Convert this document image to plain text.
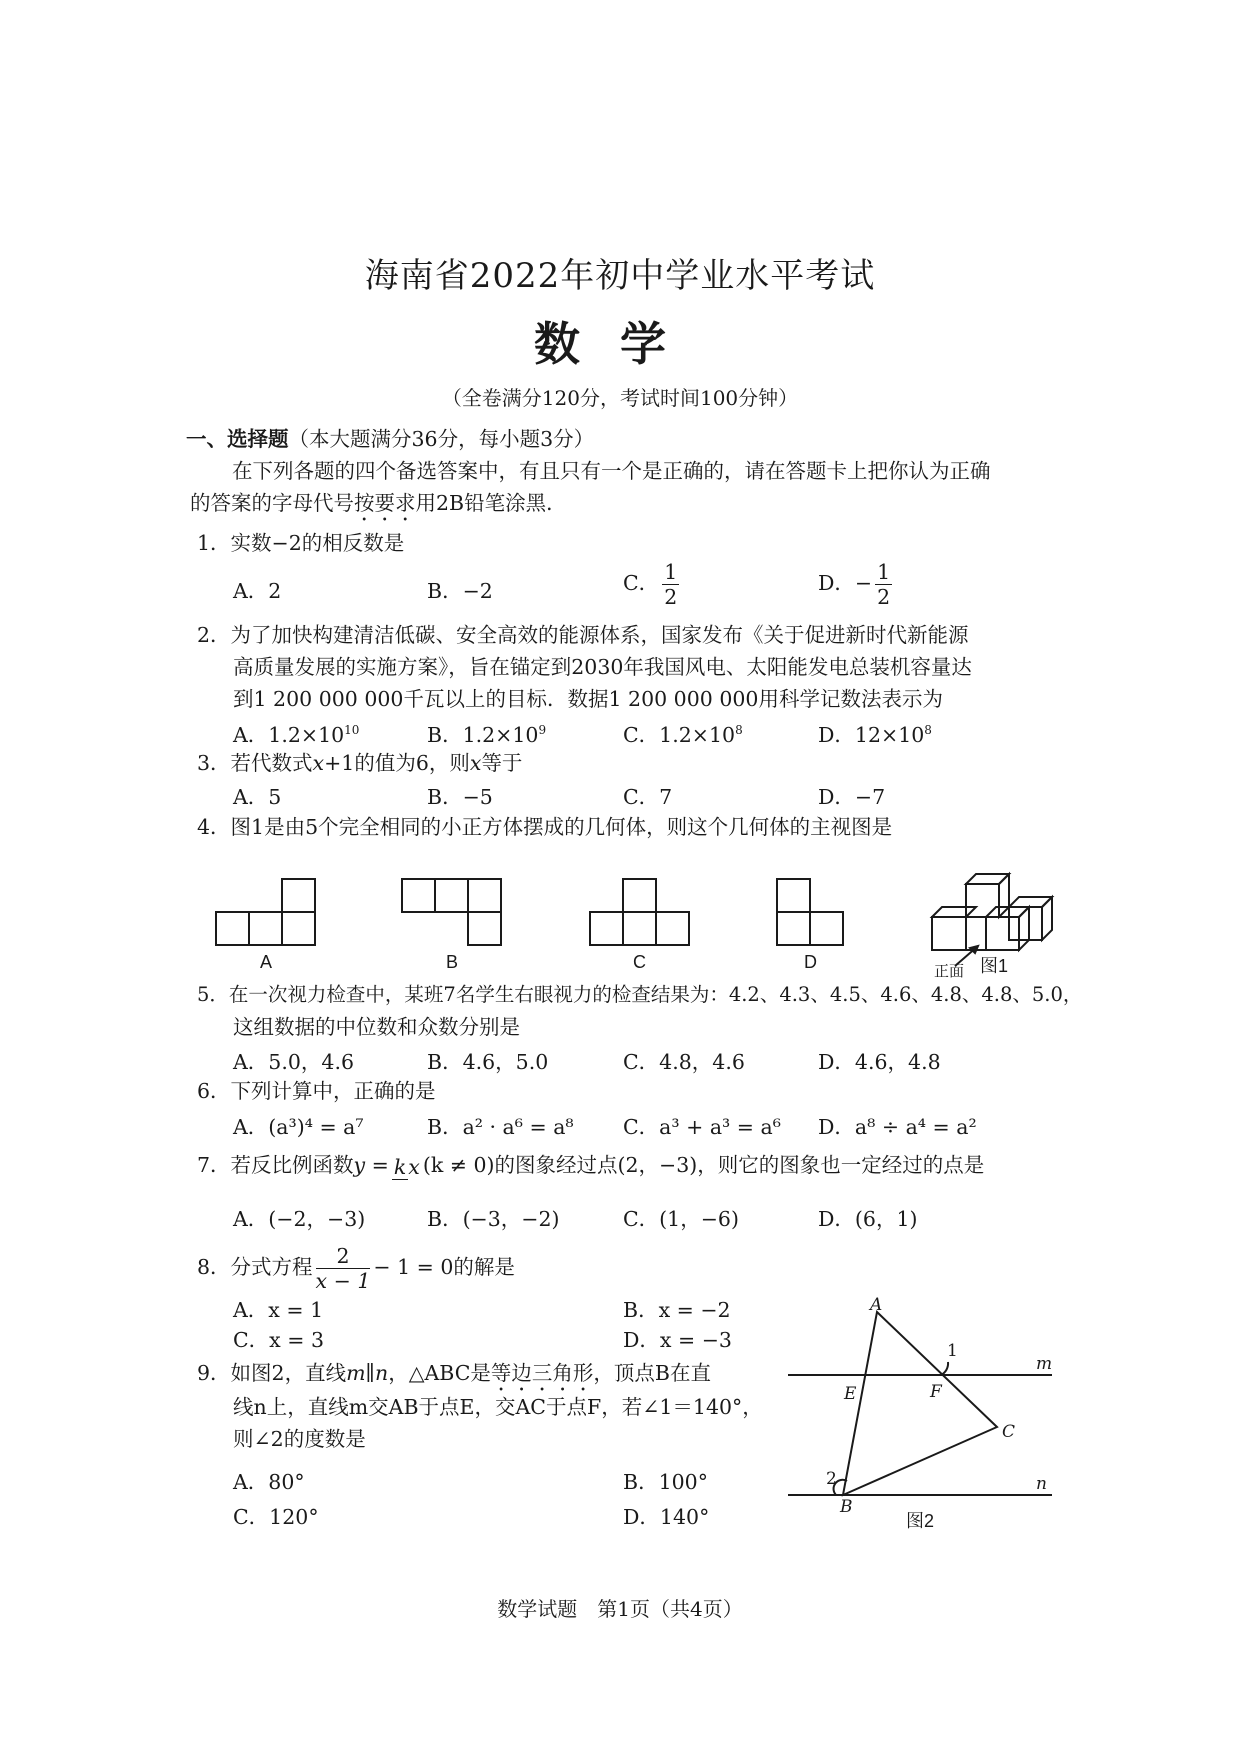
海南省2022年初中学业水平考试
数学
（全卷满分120分，考试时间100分钟）
一、选择题（本大题满分36分，每小题3分）
在下列各题的四个备选答案中，有且只有一个是正确的，请在答题卡上把你认为正确
的答案的字母代号按要求用2B铅笔涂黑．
1．实数−2的相反数是
A．2	B．−2	C． $\frac{1}{2}$	D．− $\frac{1}{2}$
2．为了加快构建清洁低碳、安全高效的能源体系，国家发布《关于促进新时代新能源
高质量发展的实施方案》，旨在锚定到2030年我国风电、太阳能发电总装机容量达
到1 200 000 000千瓦以上的目标．数据1 200 000 000用科学记数法表示为
A．$1.2\times 10^{10}$	B．$1.2\times 10^9$	C．$1.2\times 10^8$	D．$12\times 10^8$
3．若代数式x+1的值为6，则x等于
A．5	B．−5	C．7	D．−7
4．图1是由5个完全相同的小正方体摆成的几何体，则这个几何体的主视图是
A	B	C	D	正面 图1
5．在一次视力检查中，某班7名学生右眼视力的检查结果为：4.2、4.3、4.5、4.6、4.8、4.8、5.0，
这组数据的中位数和众数分别是
A．5.0，4.6	B．4.6，5.0	C．4.8，4.6	D．4.6，4.8
6．下列计算中，正确的是
A．(a³)⁴ = a⁷	B．a² · a⁶ = a⁸ C．a³ + a³ = a⁶ D．a⁸ ÷ a⁴ = a²
7．若反比例函数y = kx (k ≠ 0)的图象经过点(2，−3)，则它的图象也一定经过的点是
A．(−2，−3)	B．(−3，−2)	C．(1，−6)	D．(6，1)
8．分式方程 $\frac{2}{x - 1} - 1 = 0$的解是
A．x = 1	B．x = −2
C．x = 3	D．x = −3
9．如图2，直线m∥n，△ABC是等边三角形，顶点B在直
线n上，直线m交AB于点E，交AC于点F，若∠1＝140°，
则∠2的度数是
A．80°	B．100°
C．120°	D．140°
A
B
C
E	F
m
n
1
2
图2
数学试题　第1页（共4页）
